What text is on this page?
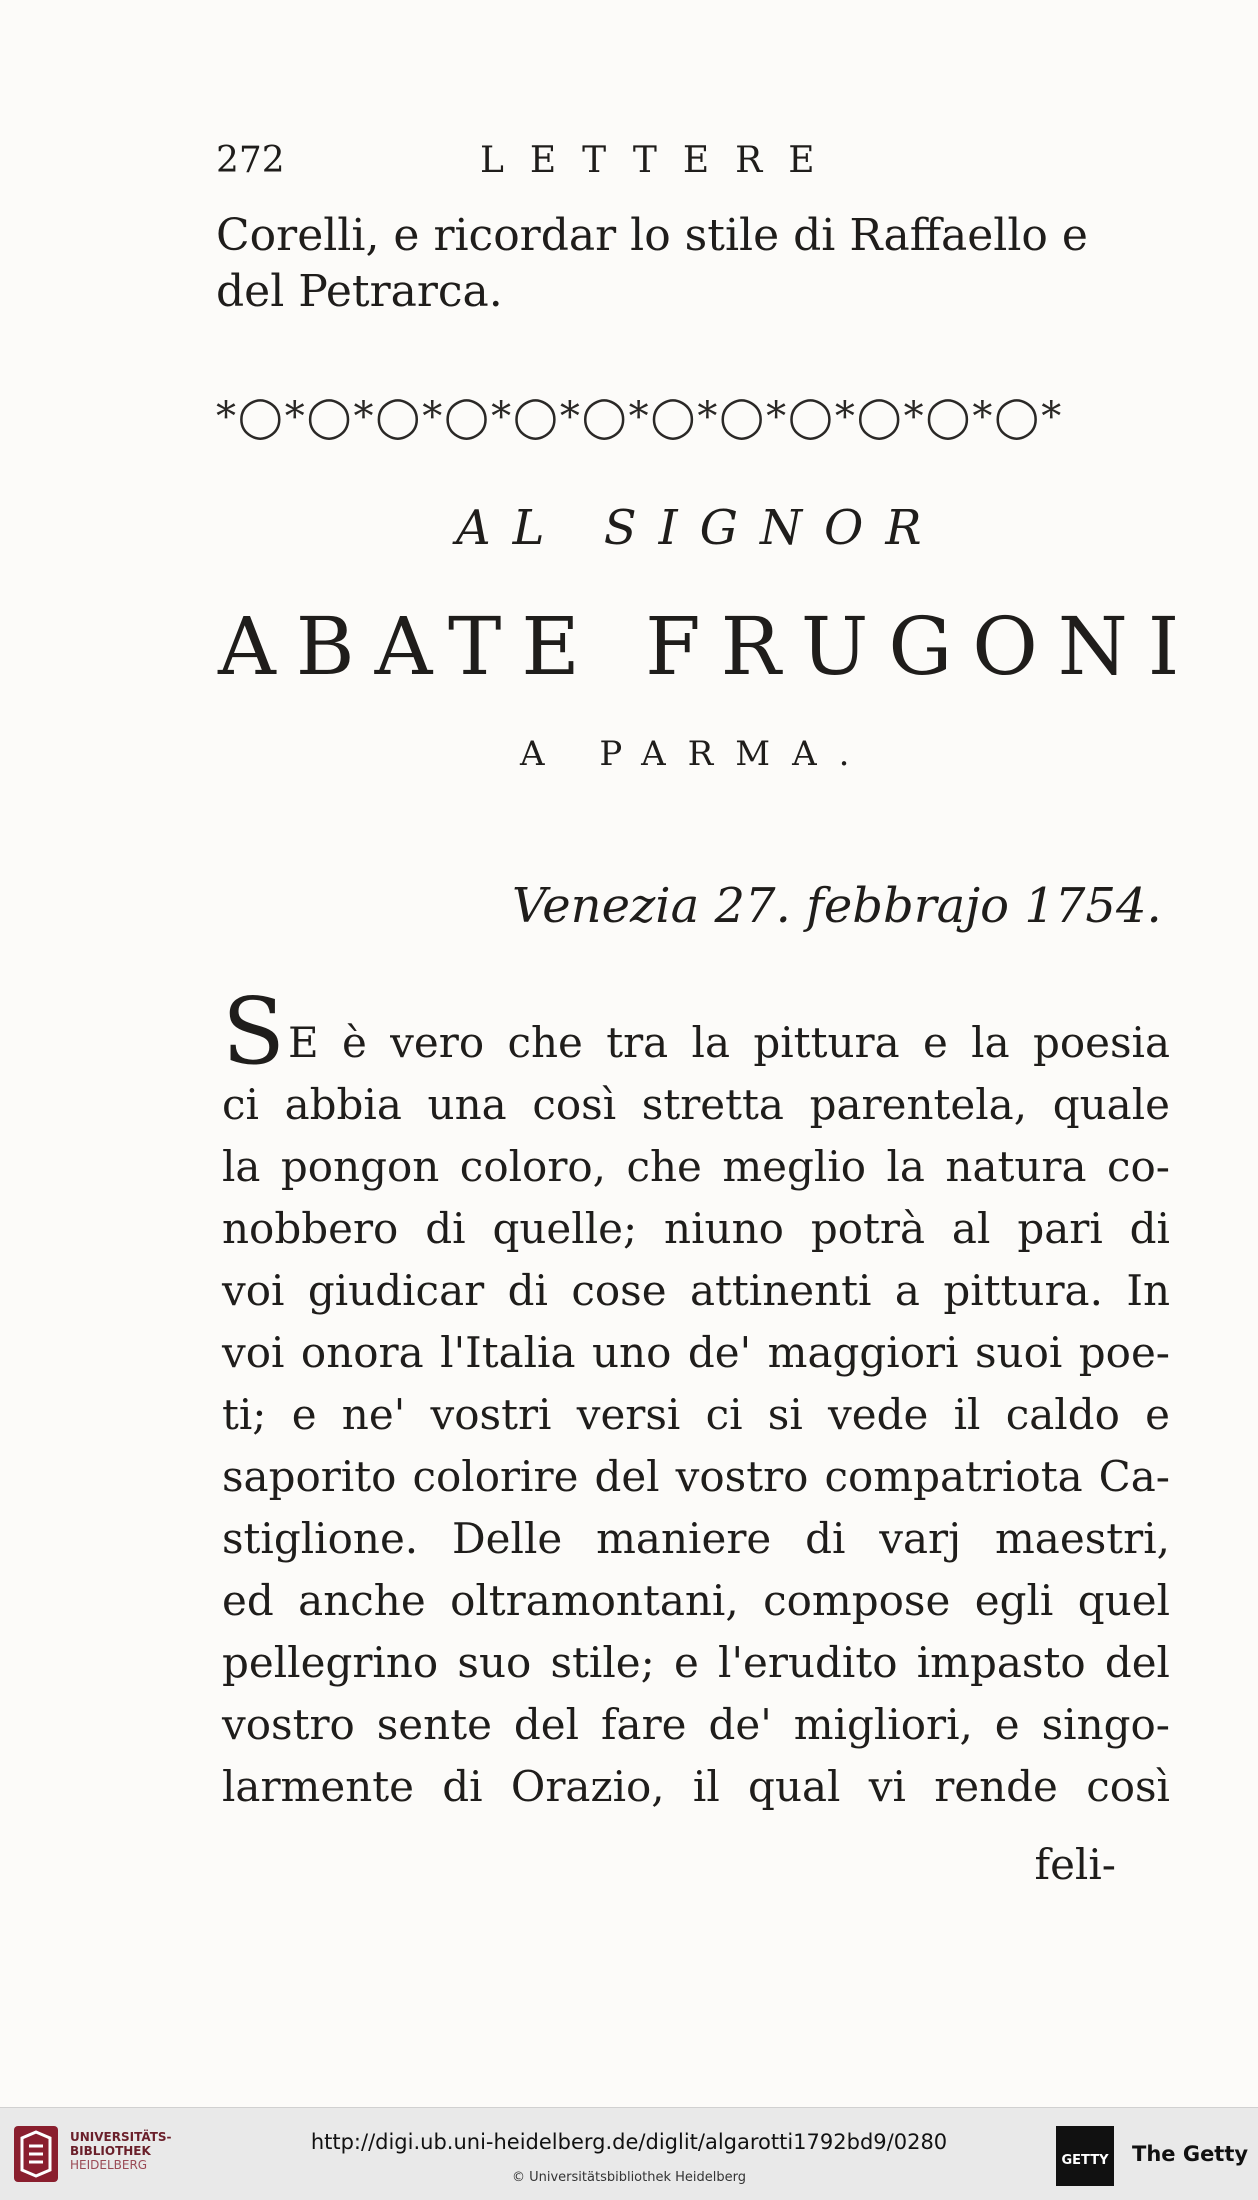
272	LETTERE
Corelli, e ricordar lo stile di Raffaello e
del Petrarca.
*◯*◯*◯*◯*◯*◯*◯*◯*◯*◯*◯*◯*
AL SIGNOR
ABATE FRUGONI
A PARMA.
Venezia 27. febbrajo 1754.
S E è vero che tra la pittura e la poesia
ci abbia una così stretta parentela, quale
la pongon coloro, che meglio la natura co-
nobbero di quelle; niuno potrà al pari di
voi giudicar di cose attinenti a pittura. In
voi onora l'Italia uno de' maggiori suoi poe-
ti; e ne' vostri versi ci si vede il caldo e
saporito colorire del vostro compatriota Ca-
stiglione. Delle maniere di varj maestri,
ed anche oltramontani, compose egli quel
pellegrino suo stile; e l'erudito impasto del
vostro sente del fare de' migliori, e singo-
larmente di Orazio, il qual vi rende così
feli-
UNIVERSITÄTS-
BIBLIOTHEK
HEIDELBERG
http://digi.ub.uni-heidelberg.de/diglit/algarotti1792bd9/0280
© Universitätsbibliothek Heidelberg
GETTY The Getty
